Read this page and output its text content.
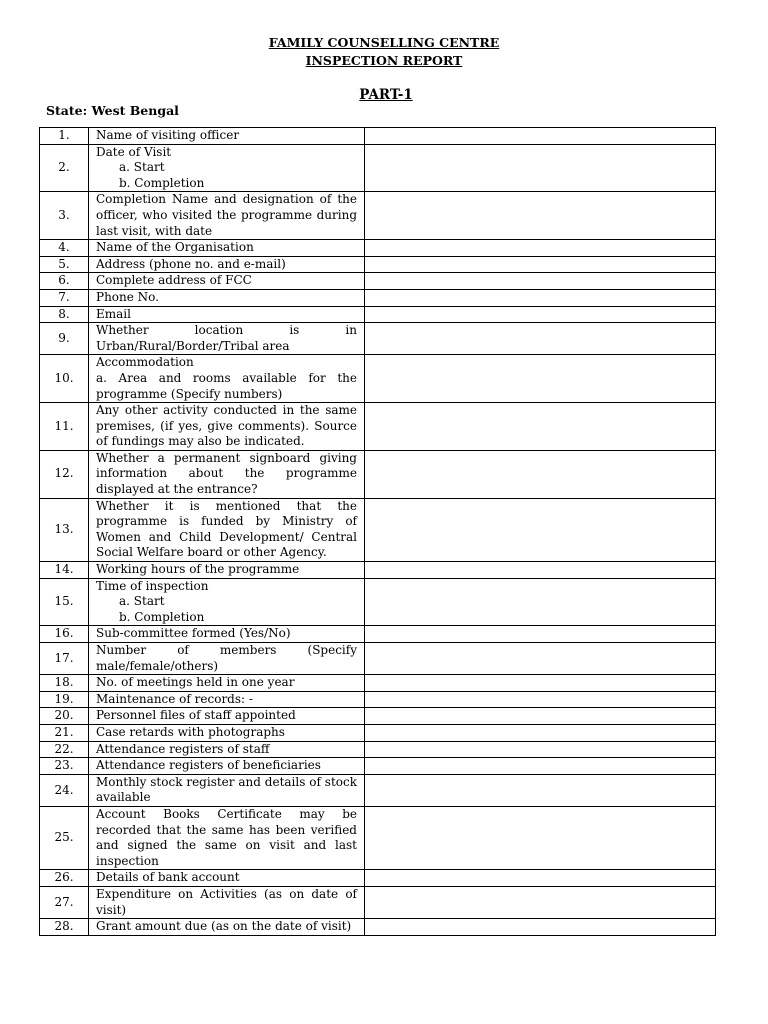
FAMILY COUNSELLING CENTRE
INSPECTION REPORT
PART-1
State: West Bengal
1.	Name of visiting officer	

2.	Date of Visit
a. Start
b. Completion	

3.	Completion Name and designation of the officer, who visited the programme during last visit, with date	

4.	Name of the Organisation	

5.	Address (phone no. and e-mail)	

6.	Complete address of FCC	

7.	Phone No.	

8.	Email	

9.	Whether location is in Urban/Rural/Border/Tribal area	

10.	Accommodation
a. Area and rooms available for the programme (Specify numbers)	

11.	Any other activity conducted in the same premises, (if yes, give comments). Source of fundings may also be indicated.	

12.	Whether a permanent signboard giving information about the programme displayed at the entrance?	

13.	Whether it is mentioned that the programme is funded by Ministry of Women and Child Development/ Central Social Welfare board or other Agency.	

14.	Working hours of the programme	

15.	Time of inspection
a. Start
b. Completion	

16.	Sub-committee formed (Yes/No)	

17.	Number of members (Specify male/female/others)	

18.	No. of meetings held in one year	

19.	Maintenance of records: -	

20.	Personnel files of staff appointed	

21.	Case retards with photographs	

22.	Attendance registers of staff	

23.	Attendance registers of beneficiaries	

24.	Monthly stock register and details of stock available	

25.	Account Books Certificate may be recorded that the same has been verified and signed the same on visit and last inspection	

26.	Details of bank account	

27.	Expenditure on Activities (as on date of visit)	

28.	Grant amount due (as on the date of visit)	
